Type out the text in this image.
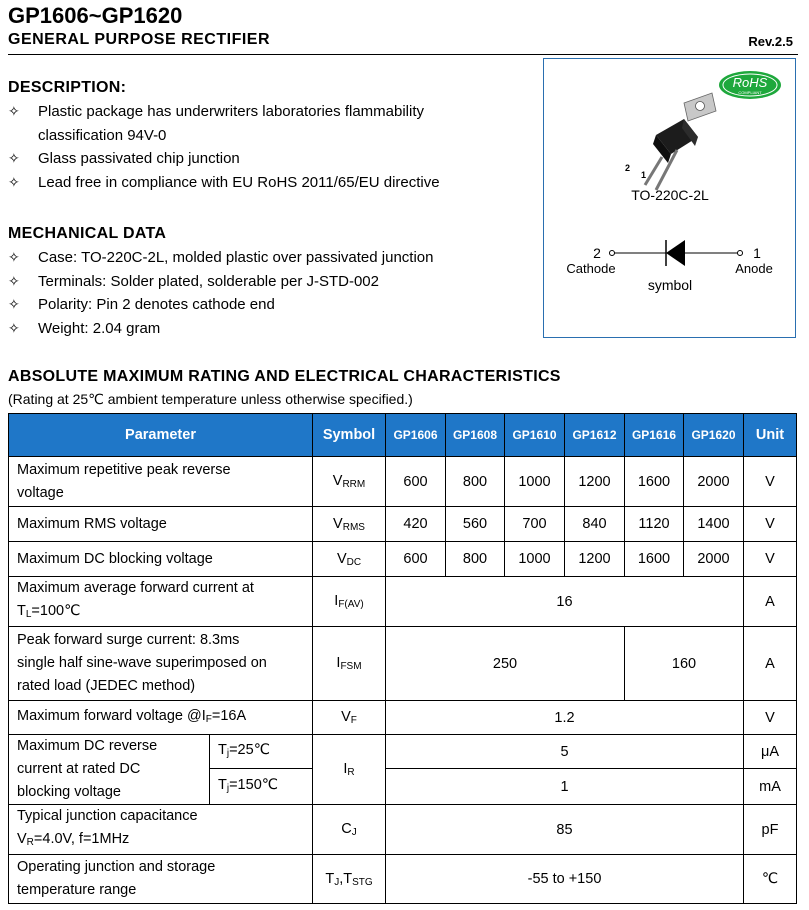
GP1606~GP1620
GENERAL PURPOSE RECTIFIER	Rev.2.5
DESCRIPTION:
✧ Plastic package has underwriters laboratories flammability
classification 94V-0
✧ Glass passivated chip junction
✧ Lead free in compliance with EU RoHS 2011/65/EU directive
MECHANICAL DATA
✧ Case: TO-220C-2L, molded plastic over passivated junction
✧ Terminals: Solder plated, solderable per J-STD-002
✧ Polarity: Pin 2 denotes cathode end
✧ Weight: 2.04 gram
RoHS
COMPLIANT
2
1
TO-220C-2L
2
Cathode
1
Anode
symbol
ABSOLUTE MAXIMUM RATING AND ELECTRICAL CHARACTERISTICS
(Rating at 25℃ ambient temperature unless otherwise specified.)
Parameter		Symbol	GP1606	GP1608	GP1610	GP1612	GP1616	GP1620	Unit
Maximum repetitive peak reverse
voltage		$V_{RRM}$	600	800	1000	1200	1600	2000	V
Maximum RMS voltage		$V_{RMS}$	420	560	700	840	1120	1400	V
Maximum DC blocking voltage		$V_{DC}$	600	800	1000	1200	1600	2000	V
Maximum average forward current at
$T_L=100℃$		$I_{F(AV)}$	16						A
Peak forward surge current: 8.3ms
single half sine-wave superimposed on
rated load (JEDEC method)		$I_{FSM}$	250				160		A
Maximum forward voltage $@I_F=16A$		$V_F$	1.2						V
Maximum DC reverse
current at rated DC
blocking voltage	$T_j=25℃$	$I_R$	5						μA
	$T_j=150℃$		1						mA
Typical junction capacitance
$V_R=4.0V$, f=1MHz		$C_J$	85						pF
Operating junction and storage
temperature range		$T_J,T_{STG}$	-55 to +150						℃
